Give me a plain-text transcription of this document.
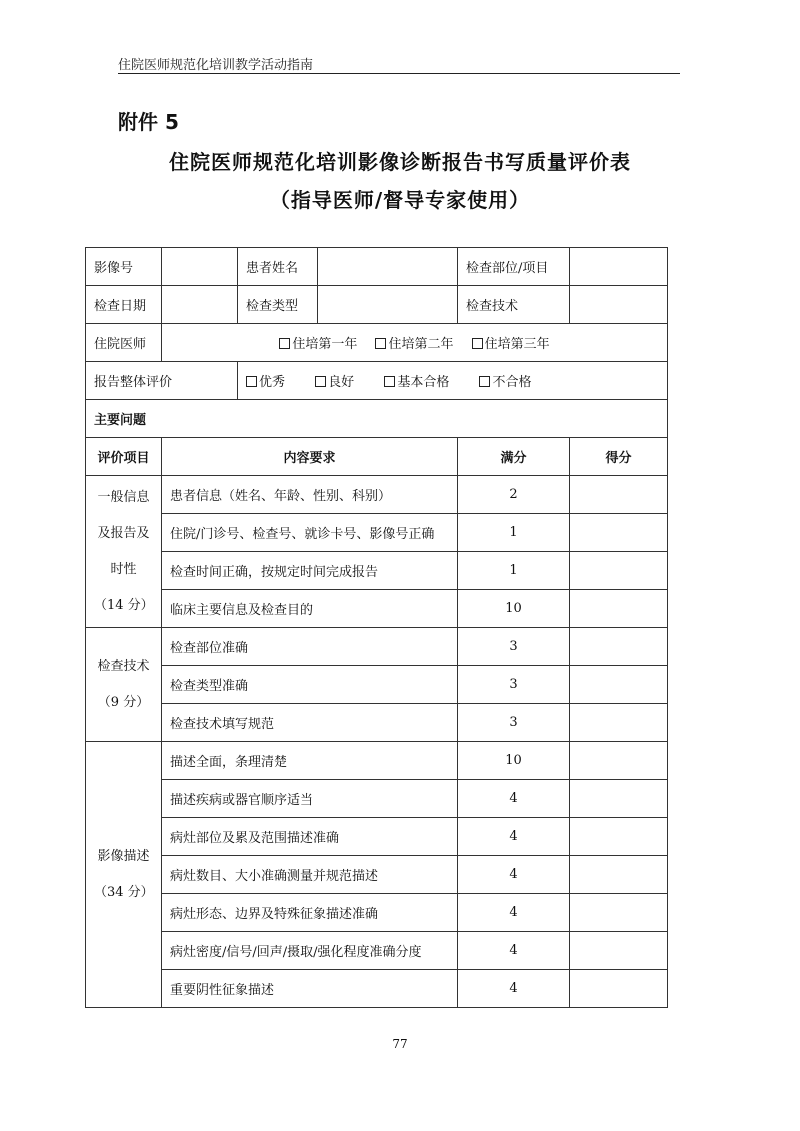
住院医师规范化培训教学活动指南
附件 5
住院医师规范化培训影像诊断报告书写质量评价表
（指导医师/督导专家使用）
影像号		患者姓名		检查部位/项目	
检查日期		检查类型		检查技术	
住院医师	住培第一年 住培第二年 住培第三年				
报告整体评价		优秀 良好 基本合格 不合格			
主要问题					
评价项目	内容要求			满分	得分

一般信息
及报告及
时性
（14 分）	患者信息（姓名、年龄、性别、科别）			2	
	住院/门诊号、检查号、就诊卡号、影像号正确			1	
	检查时间正确，按规定时间完成报告			1	
	临床主要信息及检查目的			10	

检查技术
（9 分）	检查部位准确			3	
	检查类型准确			3	
	检查技术填写规范			3	

影像描述
（34 分）	描述全面，条理清楚			10	
	描述疾病或器官顺序适当			4	
	病灶部位及累及范围描述准确			4	
	病灶数目、大小准确测量并规范描述			4	
	病灶形态、边界及特殊征象描述准确			4	
	病灶密度/信号/回声/摄取/强化程度准确分度			4	
	重要阴性征象描述			4	
77
